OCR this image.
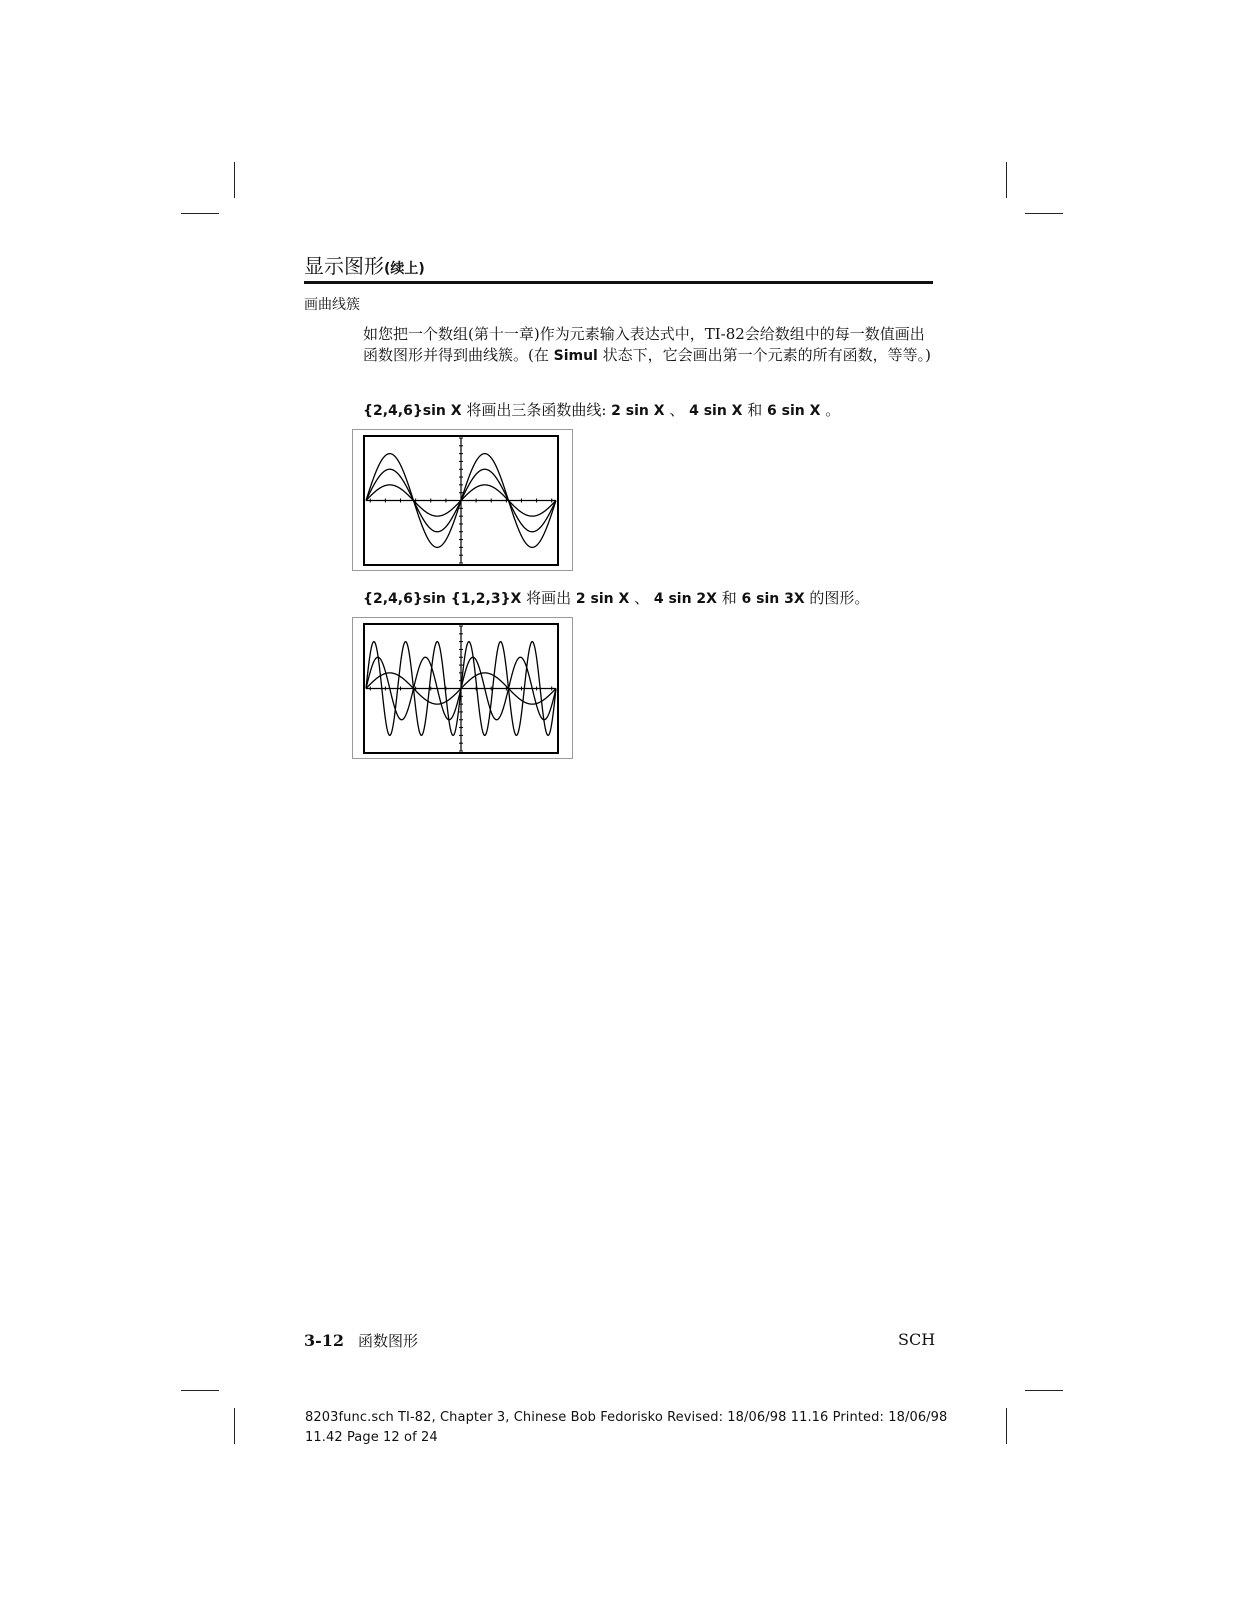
显示图形(续上)
画曲线簇
如您把一个数组(第十一章)作为元素输入表达式中，TI-82会给数组中的每一数值画出函数图形并得到曲线簇。(在 Simul 状态下，它会画出第一个元素的所有函数，等等。)
{2,4,6}sin X 将画出三条函数曲线: 2 sin X 、 4 sin X 和 6 sin X 。
{2,4,6}sin {1,2,3}X 将画出 2 sin X 、 4 sin 2X 和 6 sin 3X 的图形。
3-12 函数图形	SCH
8203func.sch TI-82, Chapter 3, Chinese Bob Fedorisko Revised: 18/06/98 11.16 Printed: 18/06/98 11.42 Page 12 of 24
